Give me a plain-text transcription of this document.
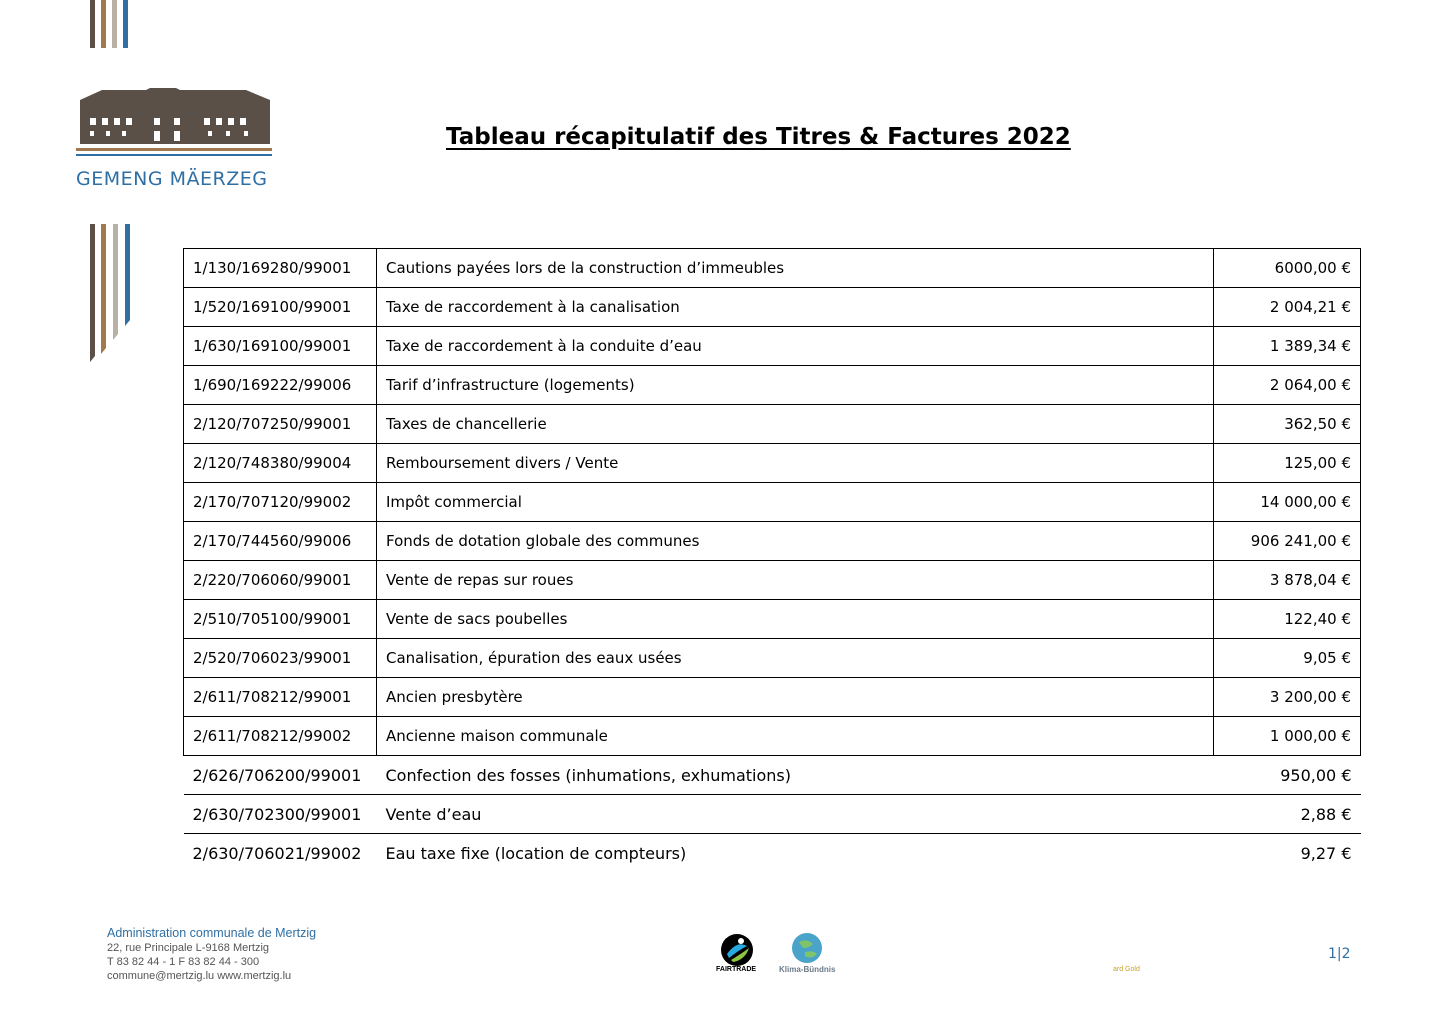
GEMENG MÄERZEG
Tableau récapitulatif des Titres & Factures 2022
1/130/169280/99001	Cautions payées lors de la construction d’immeubles	6000,00 €
1/520/169100/99001	Taxe de raccordement à la canalisation	2 004,21 €
1/630/169100/99001	Taxe de raccordement à la conduite d’eau	1 389,34 €
1/690/169222/99006	Tarif d’infrastructure (logements)	2 064,00 €
2/120/707250/99001	Taxes de chancellerie	362,50 €
2/120/748380/99004	Remboursement divers / Vente	125,00 €
2/170/707120/99002	Impôt commercial	14 000,00 €
2/170/744560/99006	Fonds de dotation globale des communes	906 241,00 €
2/220/706060/99001	Vente de repas sur roues	3 878,04 €
2/510/705100/99001	Vente de sacs poubelles	122,40 €
2/520/706023/99001	Canalisation, épuration des eaux usées	9,05 €
2/611/708212/99001	Ancien presbytère	3 200,00 €
2/611/708212/99002	Ancienne maison communale	1 000,00 €
2/626/706200/99001	Confection des fosses (inhumations, exhumations)	950,00 €
2/630/702300/99001	Vente d’eau	2,88 €
2/630/706021/99002	Eau taxe fixe (location de compteurs)	9,27 €
Administration communale de Mertzig
22, rue Principale L-9168 Mertzig
T 83 82 44 - 1 F 83 82 44 - 300
commune@mertzig.lu www.mertzig.lu
FAIRTRADE	Klima-Bündnis	ard Gold
1|2
